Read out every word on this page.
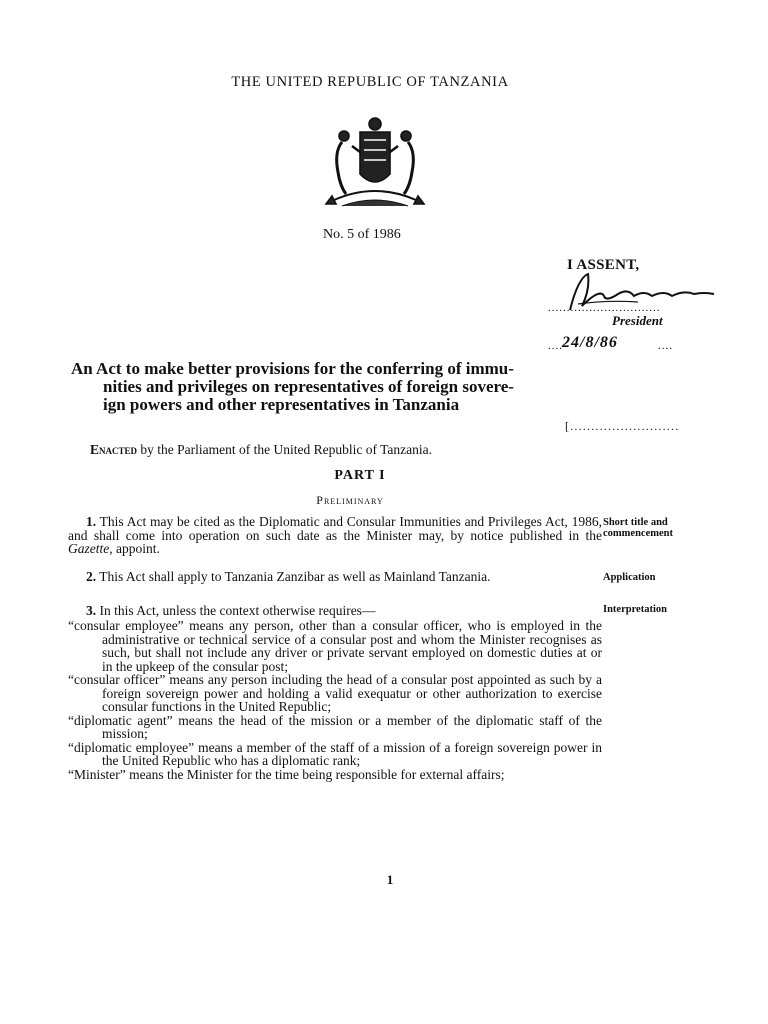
THE UNITED REPUBLIC OF TANZANIA
No. 5 of 1986
I ASSENT,
..............................
President
24/8/86
....	....
An Act to make better provisions for the conferring of immu-
nities and privileges on representatives of foreign sovere-
ign powers and other representatives in Tanzania
[..........................
Enacted by the Parliament of the United Republic of Tanzania.
PART I
Preliminary

1. This Act may be cited as the Diplomatic and Consular Immunities and Privileges Act, 1986, and shall come into operation on such date as the Minister may, by notice published in the Gazette, appoint.

Short title and commencement

2. This Act shall apply to Tanzania Zanzibar as well as Mainland Tanzania.	Application

3. In this Act, unless the context otherwise requires—	Interpretation

“consular employee” means any person, other than a consular officer, who is employed in the administrative or technical service of a consular post and whom the Minister recognises as such, but shall not include any driver or private servant employed on domestic duties at or in the upkeep of the consular post;

“consular officer” means any person including the head of a consular post appointed as such by a foreign sovereign power and holding a valid exequatur or other authorization to exercise consular functions in the United Republic;

“diplomatic agent” means the head of the mission or a member of the diplomatic staff of the mission;

“diplomatic employee” means a member of the staff of a mission of a foreign sovereign power in the United Republic who has a diplomatic rank;

“Minister” means the Minister for the time being responsible for external affairs;

1
